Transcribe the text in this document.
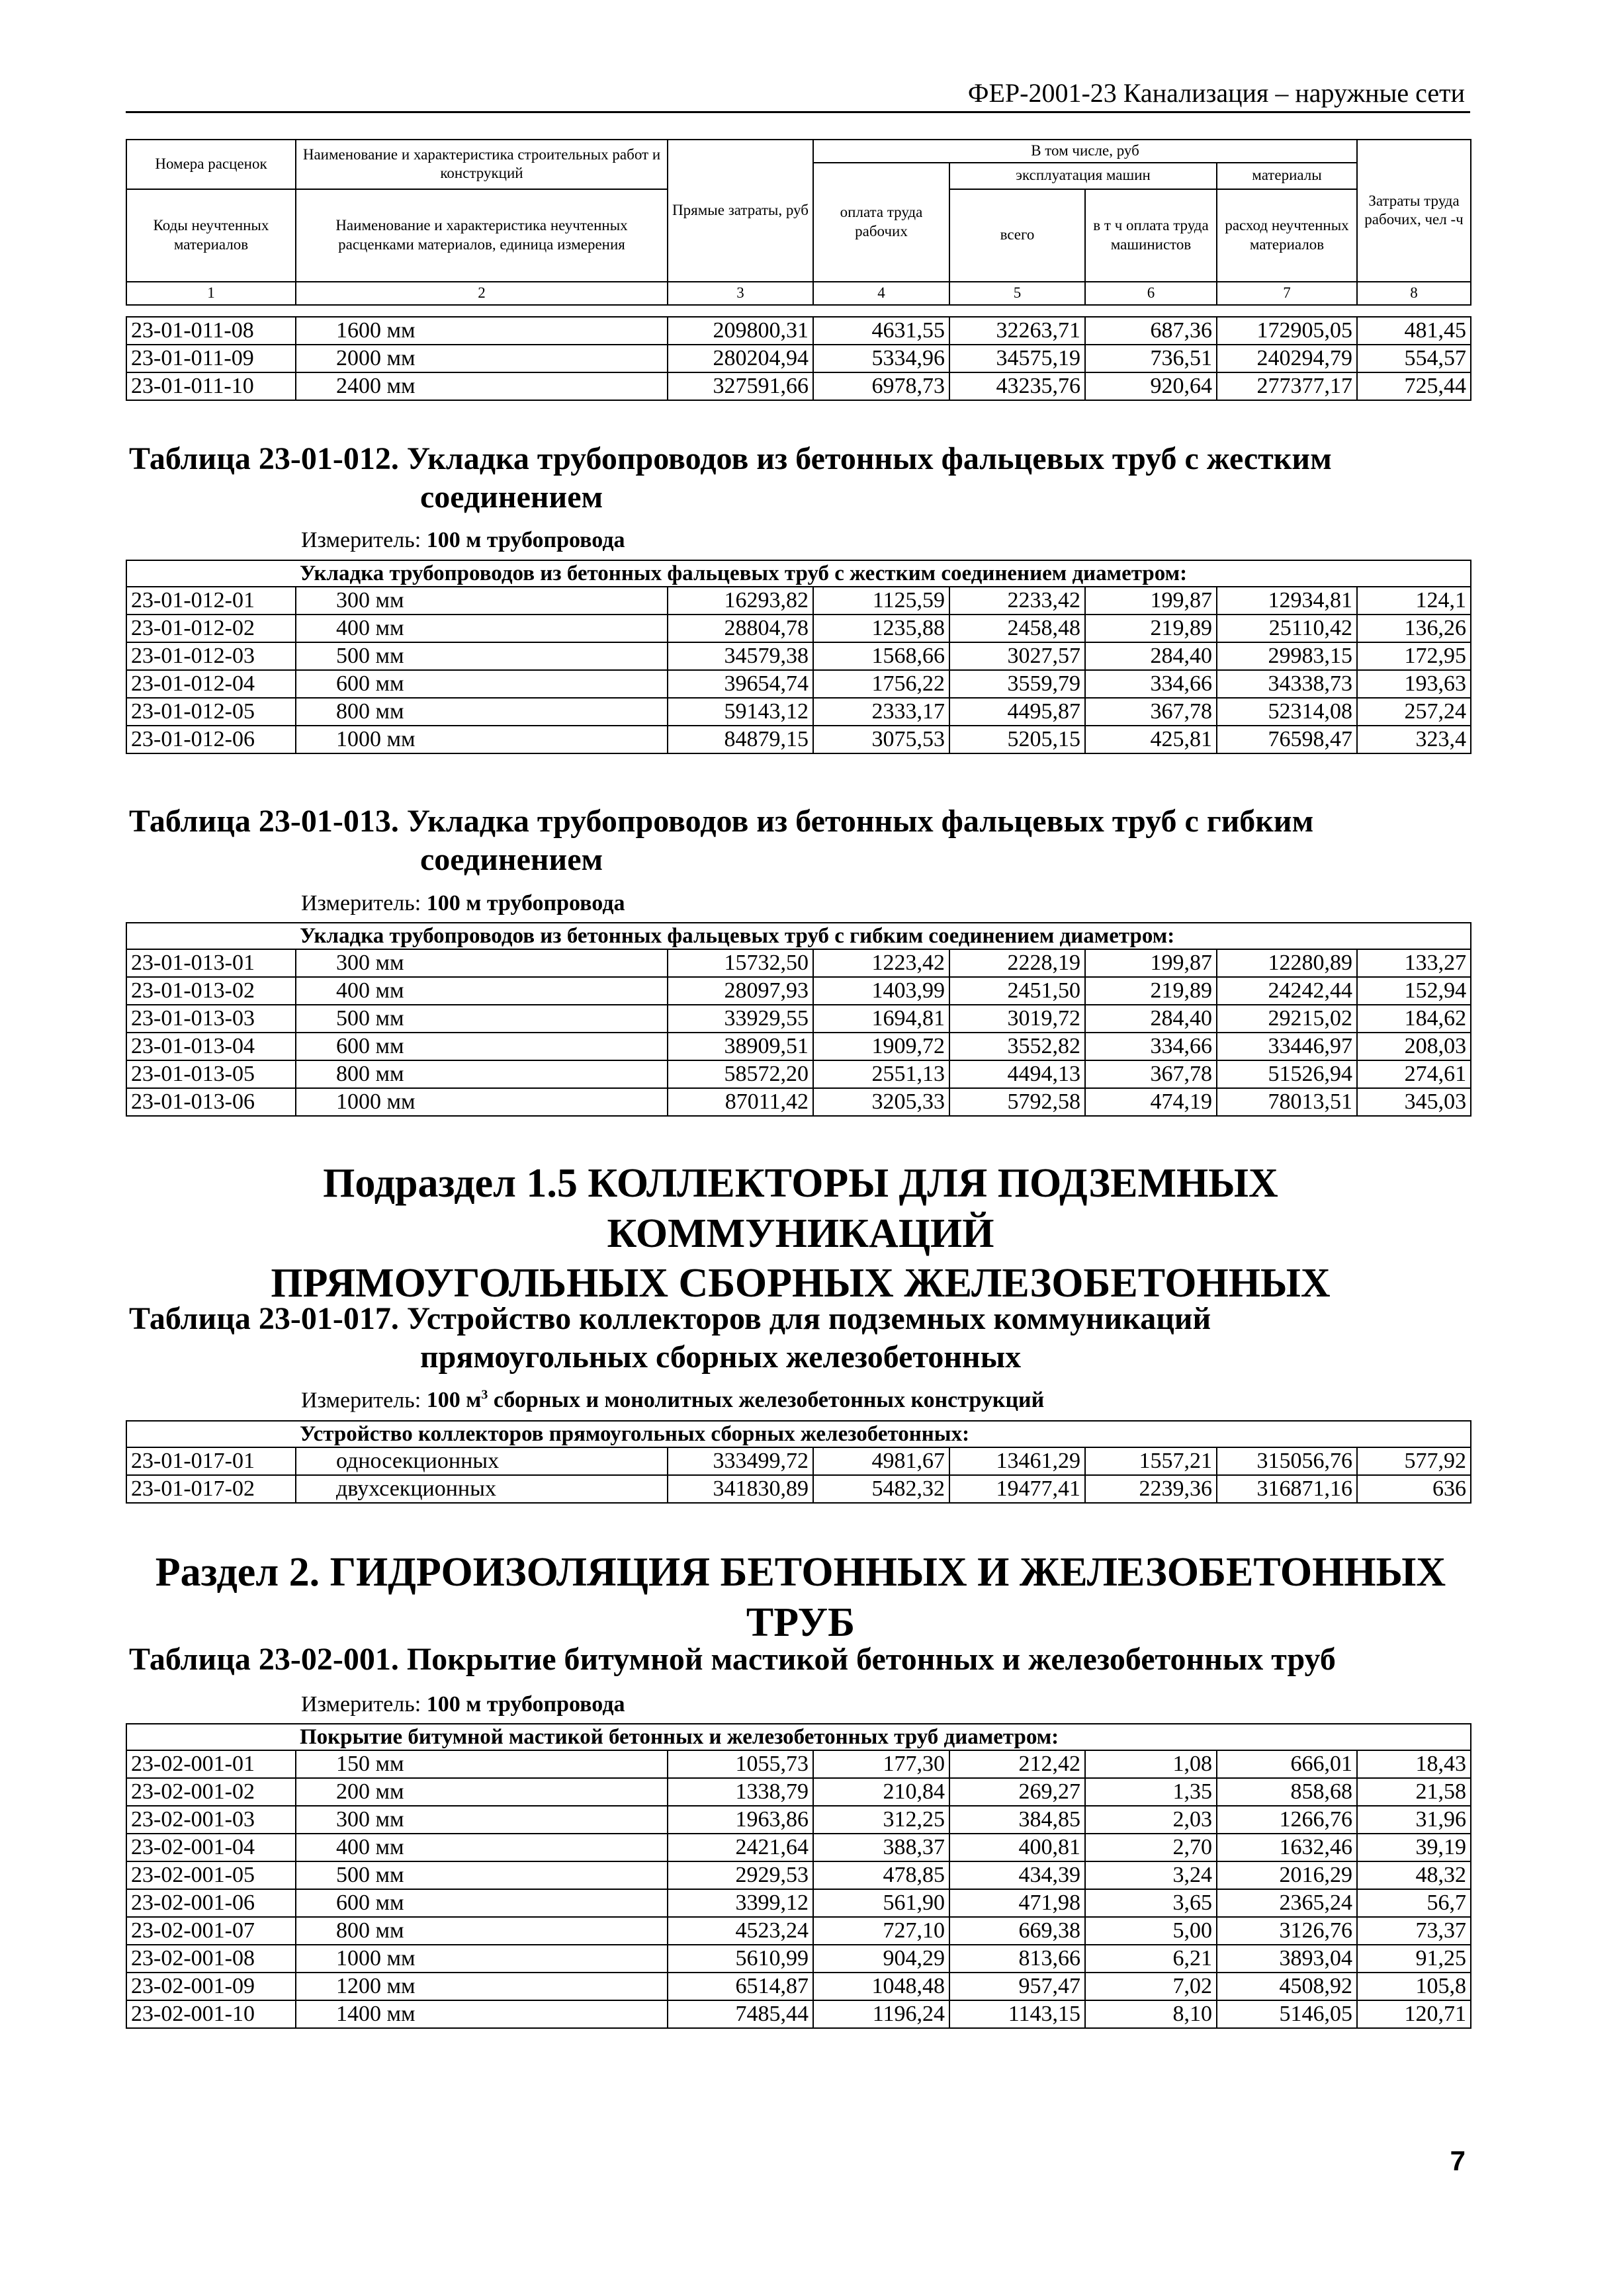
ФЕР-2001-23 Канализация – наружные сети
Номера расценок	Наименование и характеристика строительных работ и конструкций	Прямые затраты, руб	В том числе, руб				Затраты труда рабочих, чел -ч
			оплата труда рабочих	эксплуатация машин		материалы	
Коды неучтенных материалов	Наименование и характеристика неучтенных расценками материалов, единица измерения			всего	в т ч оплата труда машинистов	расход неучтенных материалов	

1	2	3	4	5	6	7	8
23-01-011-08	1600 мм	209800,31	4631,55	32263,71	687,36	172905,05	481,45
23-01-011-09	2000 мм	280204,94	5334,96	34575,19	736,51	240294,79	554,57
23-01-011-10	2400 мм	327591,66	6978,73	43235,76	920,64	277377,17	725,44
Таблица 23-01-012. Укладка трубопроводов из бетонных фальцевых труб с жестким
соединением
Измеритель: 100 м трубопровода
	Укладка трубопроводов из бетонных фальцевых труб с жестким соединением диаметром:						
23-01-012-01	300 мм	16293,82	1125,59	2233,42	199,87	12934,81	124,1
23-01-012-02	400 мм	28804,78	1235,88	2458,48	219,89	25110,42	136,26
23-01-012-03	500 мм	34579,38	1568,66	3027,57	284,40	29983,15	172,95
23-01-012-04	600 мм	39654,74	1756,22	3559,79	334,66	34338,73	193,63
23-01-012-05	800 мм	59143,12	2333,17	4495,87	367,78	52314,08	257,24
23-01-012-06	1000 мм	84879,15	3075,53	5205,15	425,81	76598,47	323,4
Таблица 23-01-013. Укладка трубопроводов из бетонных фальцевых труб с гибким
соединением
Измеритель: 100 м трубопровода
	Укладка трубопроводов из бетонных фальцевых труб с гибким соединением диаметром:						
23-01-013-01	300 мм	15732,50	1223,42	2228,19	199,87	12280,89	133,27
23-01-013-02	400 мм	28097,93	1403,99	2451,50	219,89	24242,44	152,94
23-01-013-03	500 мм	33929,55	1694,81	3019,72	284,40	29215,02	184,62
23-01-013-04	600 мм	38909,51	1909,72	3552,82	334,66	33446,97	208,03
23-01-013-05	800 мм	58572,20	2551,13	4494,13	367,78	51526,94	274,61
23-01-013-06	1000 мм	87011,42	3205,33	5792,58	474,19	78013,51	345,03
Подраздел 1.5 КОЛЛЕКТОРЫ ДЛЯ ПОДЗЕМНЫХ КОММУНИКАЦИЙ
ПРЯМОУГОЛЬНЫХ СБОРНЫХ ЖЕЛЕЗОБЕТОННЫХ
Таблица 23-01-017. Устройство коллекторов для подземных коммуникаций
прямоугольных сборных железобетонных
Измеритель: 100 $м^3$ сборных и монолитных железобетонных конструкций
	Устройство коллекторов прямоугольных сборных железобетонных:						
23-01-017-01	односекционных	333499,72	4981,67	13461,29	1557,21	315056,76	577,92
23-01-017-02	двухсекционных	341830,89	5482,32	19477,41	2239,36	316871,16	636
Раздел 2. ГИДРОИЗОЛЯЦИЯ БЕТОННЫХ И ЖЕЛЕЗОБЕТОННЫХ ТРУБ
Таблица 23-02-001. Покрытие битумной мастикой бетонных и железобетонных труб
Измеритель: 100 м трубопровода
	Покрытие битумной мастикой бетонных и железобетонных труб диаметром:						
23-02-001-01	150 мм	1055,73	177,30	212,42	1,08	666,01	18,43
23-02-001-02	200 мм	1338,79	210,84	269,27	1,35	858,68	21,58
23-02-001-03	300 мм	1963,86	312,25	384,85	2,03	1266,76	31,96
23-02-001-04	400 мм	2421,64	388,37	400,81	2,70	1632,46	39,19
23-02-001-05	500 мм	2929,53	478,85	434,39	3,24	2016,29	48,32
23-02-001-06	600 мм	3399,12	561,90	471,98	3,65	2365,24	56,7
23-02-001-07	800 мм	4523,24	727,10	669,38	5,00	3126,76	73,37
23-02-001-08	1000 мм	5610,99	904,29	813,66	6,21	3893,04	91,25
23-02-001-09	1200 мм	6514,87	1048,48	957,47	7,02	4508,92	105,8
23-02-001-10	1400 мм	7485,44	1196,24	1143,15	8,10	5146,05	120,71
7
